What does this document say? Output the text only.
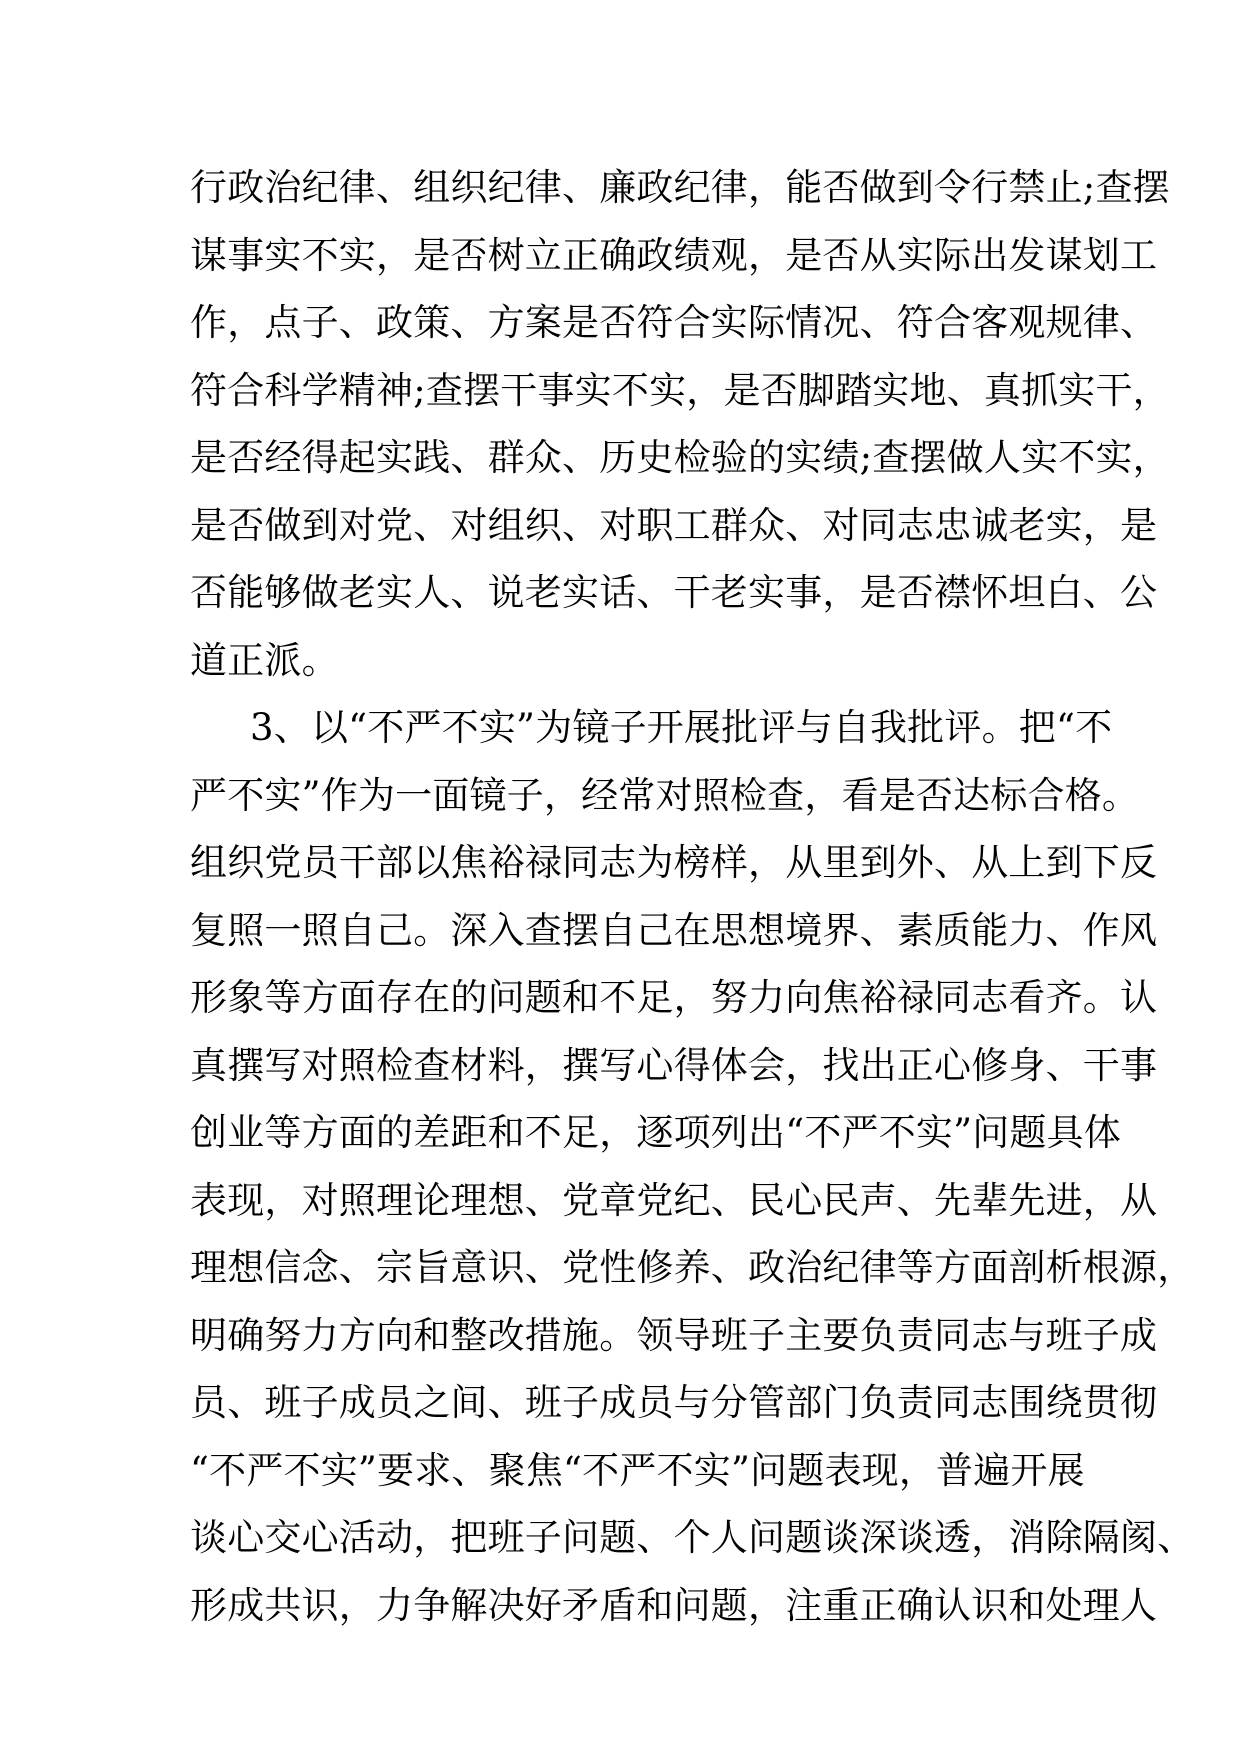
行政治纪律、组织纪律、廉政纪律，能否做到令行禁止;查摆
谋事实不实，是否树立正确政绩观，是否从实际出发谋划工
作，点子、政策、方案是否符合实际情况、符合客观规律、
符合科学精神;查摆干事实不实，是否脚踏实地、真抓实干，
是否经得起实践、群众、历史检验的实绩;查摆做人实不实，
是否做到对党、对组织、对职工群众、对同志忠诚老实，是
否能够做老实人、说老实话、干老实事，是否襟怀坦白、公
道正派。
3、以“不严不实”为镜子开展批评与自我批评。把“不
严不实”作为一面镜子，经常对照检查，看是否达标合格。
组织党员干部以焦裕禄同志为榜样，从里到外、从上到下反
复照一照自己。深入查摆自己在思想境界、素质能力、作风
形象等方面存在的问题和不足，努力向焦裕禄同志看齐。认
真撰写对照检查材料，撰写心得体会，找出正心修身、干事
创业等方面的差距和不足，逐项列出“不严不实”问题具体
表现，对照理论理想、党章党纪、民心民声、先辈先进，从
理想信念、宗旨意识、党性修养、政治纪律等方面剖析根源，
明确努力方向和整改措施。领导班子主要负责同志与班子成
员、班子成员之间、班子成员与分管部门负责同志围绕贯彻
“不严不实”要求、聚焦“不严不实”问题表现，普遍开展
谈心交心活动，把班子问题、个人问题谈深谈透，消除隔阂、
形成共识，力争解决好矛盾和问题，注重正确认识和处理人
